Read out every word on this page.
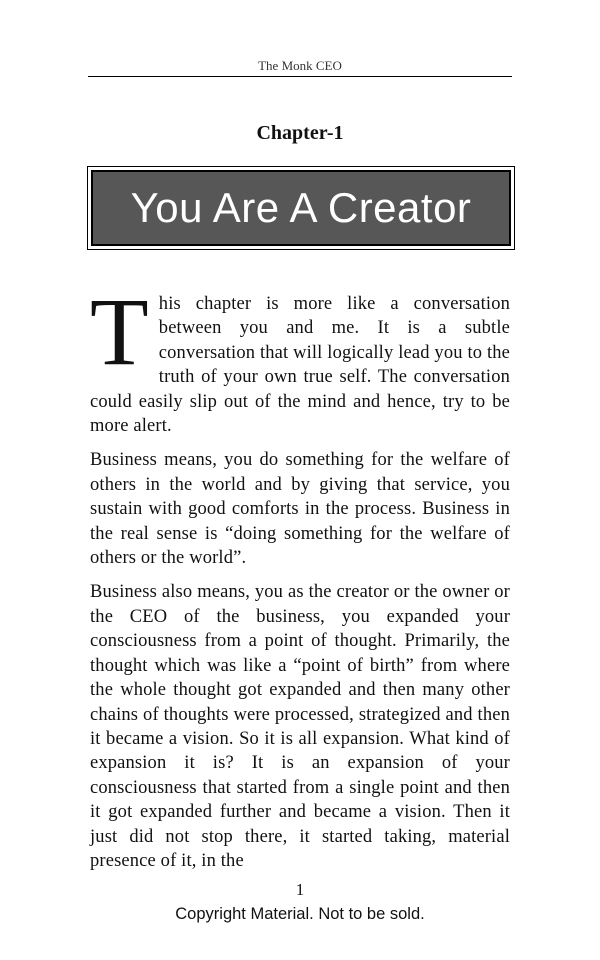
The Monk CEO
Chapter-1
You Are A Creator

This chapter is more like a conversation between you and me. It is a subtle conversation that will logically lead you to the truth of your own true self. The conversation could easily slip out of the mind and hence, try to be more alert.

Business means, you do something for the welfare of others in the world and by giving that service, you sustain with good comforts in the process. Business in the real sense is “doing something for the welfare of others or the world”.

Business also means, you as the creator or the owner or the CEO of the business, you expanded your consciousness from a point of thought. Primarily, the thought which was like a “point of birth” from where the whole thought got expanded and then many other chains of thoughts were processed, strategized and then it became a vision. So it is all expansion. What kind of expansion it is? It is an expansion of your consciousness that started from a single point and then it got expanded further and became a vision. Then it just did not stop there, it started taking, material presence of it, in the

1
Copyright Material. Not to be sold.
